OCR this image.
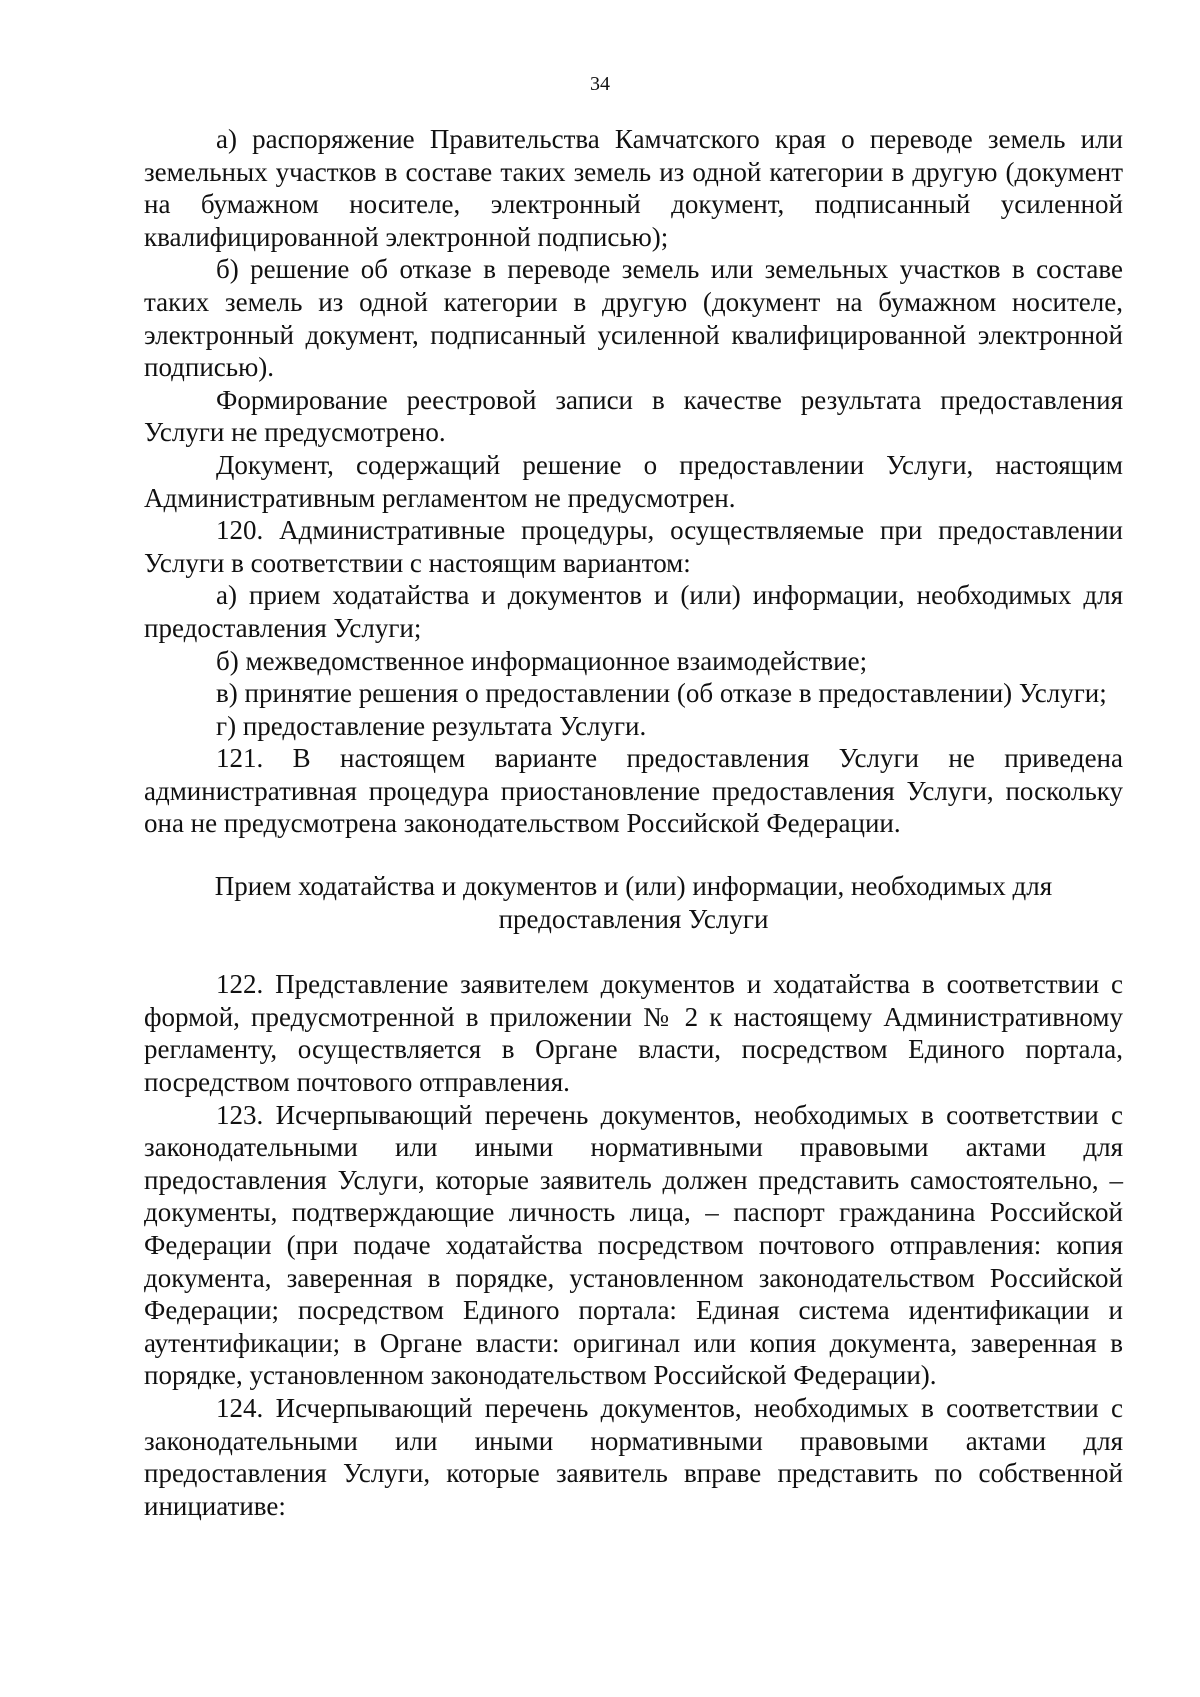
34

а) распоряжение Правительства Камчатского края о переводе земель или земельных участков в составе таких земель из одной категории в другую (документ на бумажном носителе, электронный документ, подписанный усиленной квалифицированной электронной подписью);

б) решение об отказе в переводе земель или земельных участков в составе таких земель из одной категории в другую (документ на бумажном носителе, электронный документ, подписанный усиленной квалифицированной электронной подписью).

Формирование реестровой записи в качестве результата предоставления Услуги не предусмотрено.

Документ, содержащий решение о предоставлении Услуги, настоящим Административным регламентом не предусмотрен.

120. Административные процедуры, осуществляемые при предоставлении Услуги в соответствии с настоящим вариантом:

а) прием ходатайства и документов и (или) информации, необходимых для предоставления Услуги;

б) межведомственное информационное взаимодействие;

в) принятие решения о предоставлении (об отказе в предоставлении) Услуги;

г) предоставление результата Услуги.

121. В настоящем варианте предоставления Услуги не приведена административная процедура приостановление предоставления Услуги, поскольку она не предусмотрена законодательством Российской Федерации.

Прием ходатайства и документов и (или) информации, необходимых для предоставления Услуги

122. Представление заявителем документов и ходатайства в соответствии с формой, предусмотренной в приложении № 2 к настоящему Административному регламенту, осуществляется в Органе власти, посредством Единого портала, посредством почтового отправления.

123. Исчерпывающий перечень документов, необходимых в соответствии с законодательными или иными нормативными правовыми актами для предоставления Услуги, которые заявитель должен представить самостоятельно, – документы, подтверждающие личность лица, – паспорт гражданина Российской Федерации (при подаче ходатайства посредством почтового отправления: копия документа, заверенная в порядке, установленном законодательством Российской Федерации; посредством Единого портала: Единая система идентификации и аутентификации; в Органе власти: оригинал или копия документа, заверенная в порядке, установленном законодательством Российской Федерации).

124. Исчерпывающий перечень документов, необходимых в соответствии с законодательными или иными нормативными правовыми актами для предоставления Услуги, которые заявитель вправе представить по собственной инициативе:
